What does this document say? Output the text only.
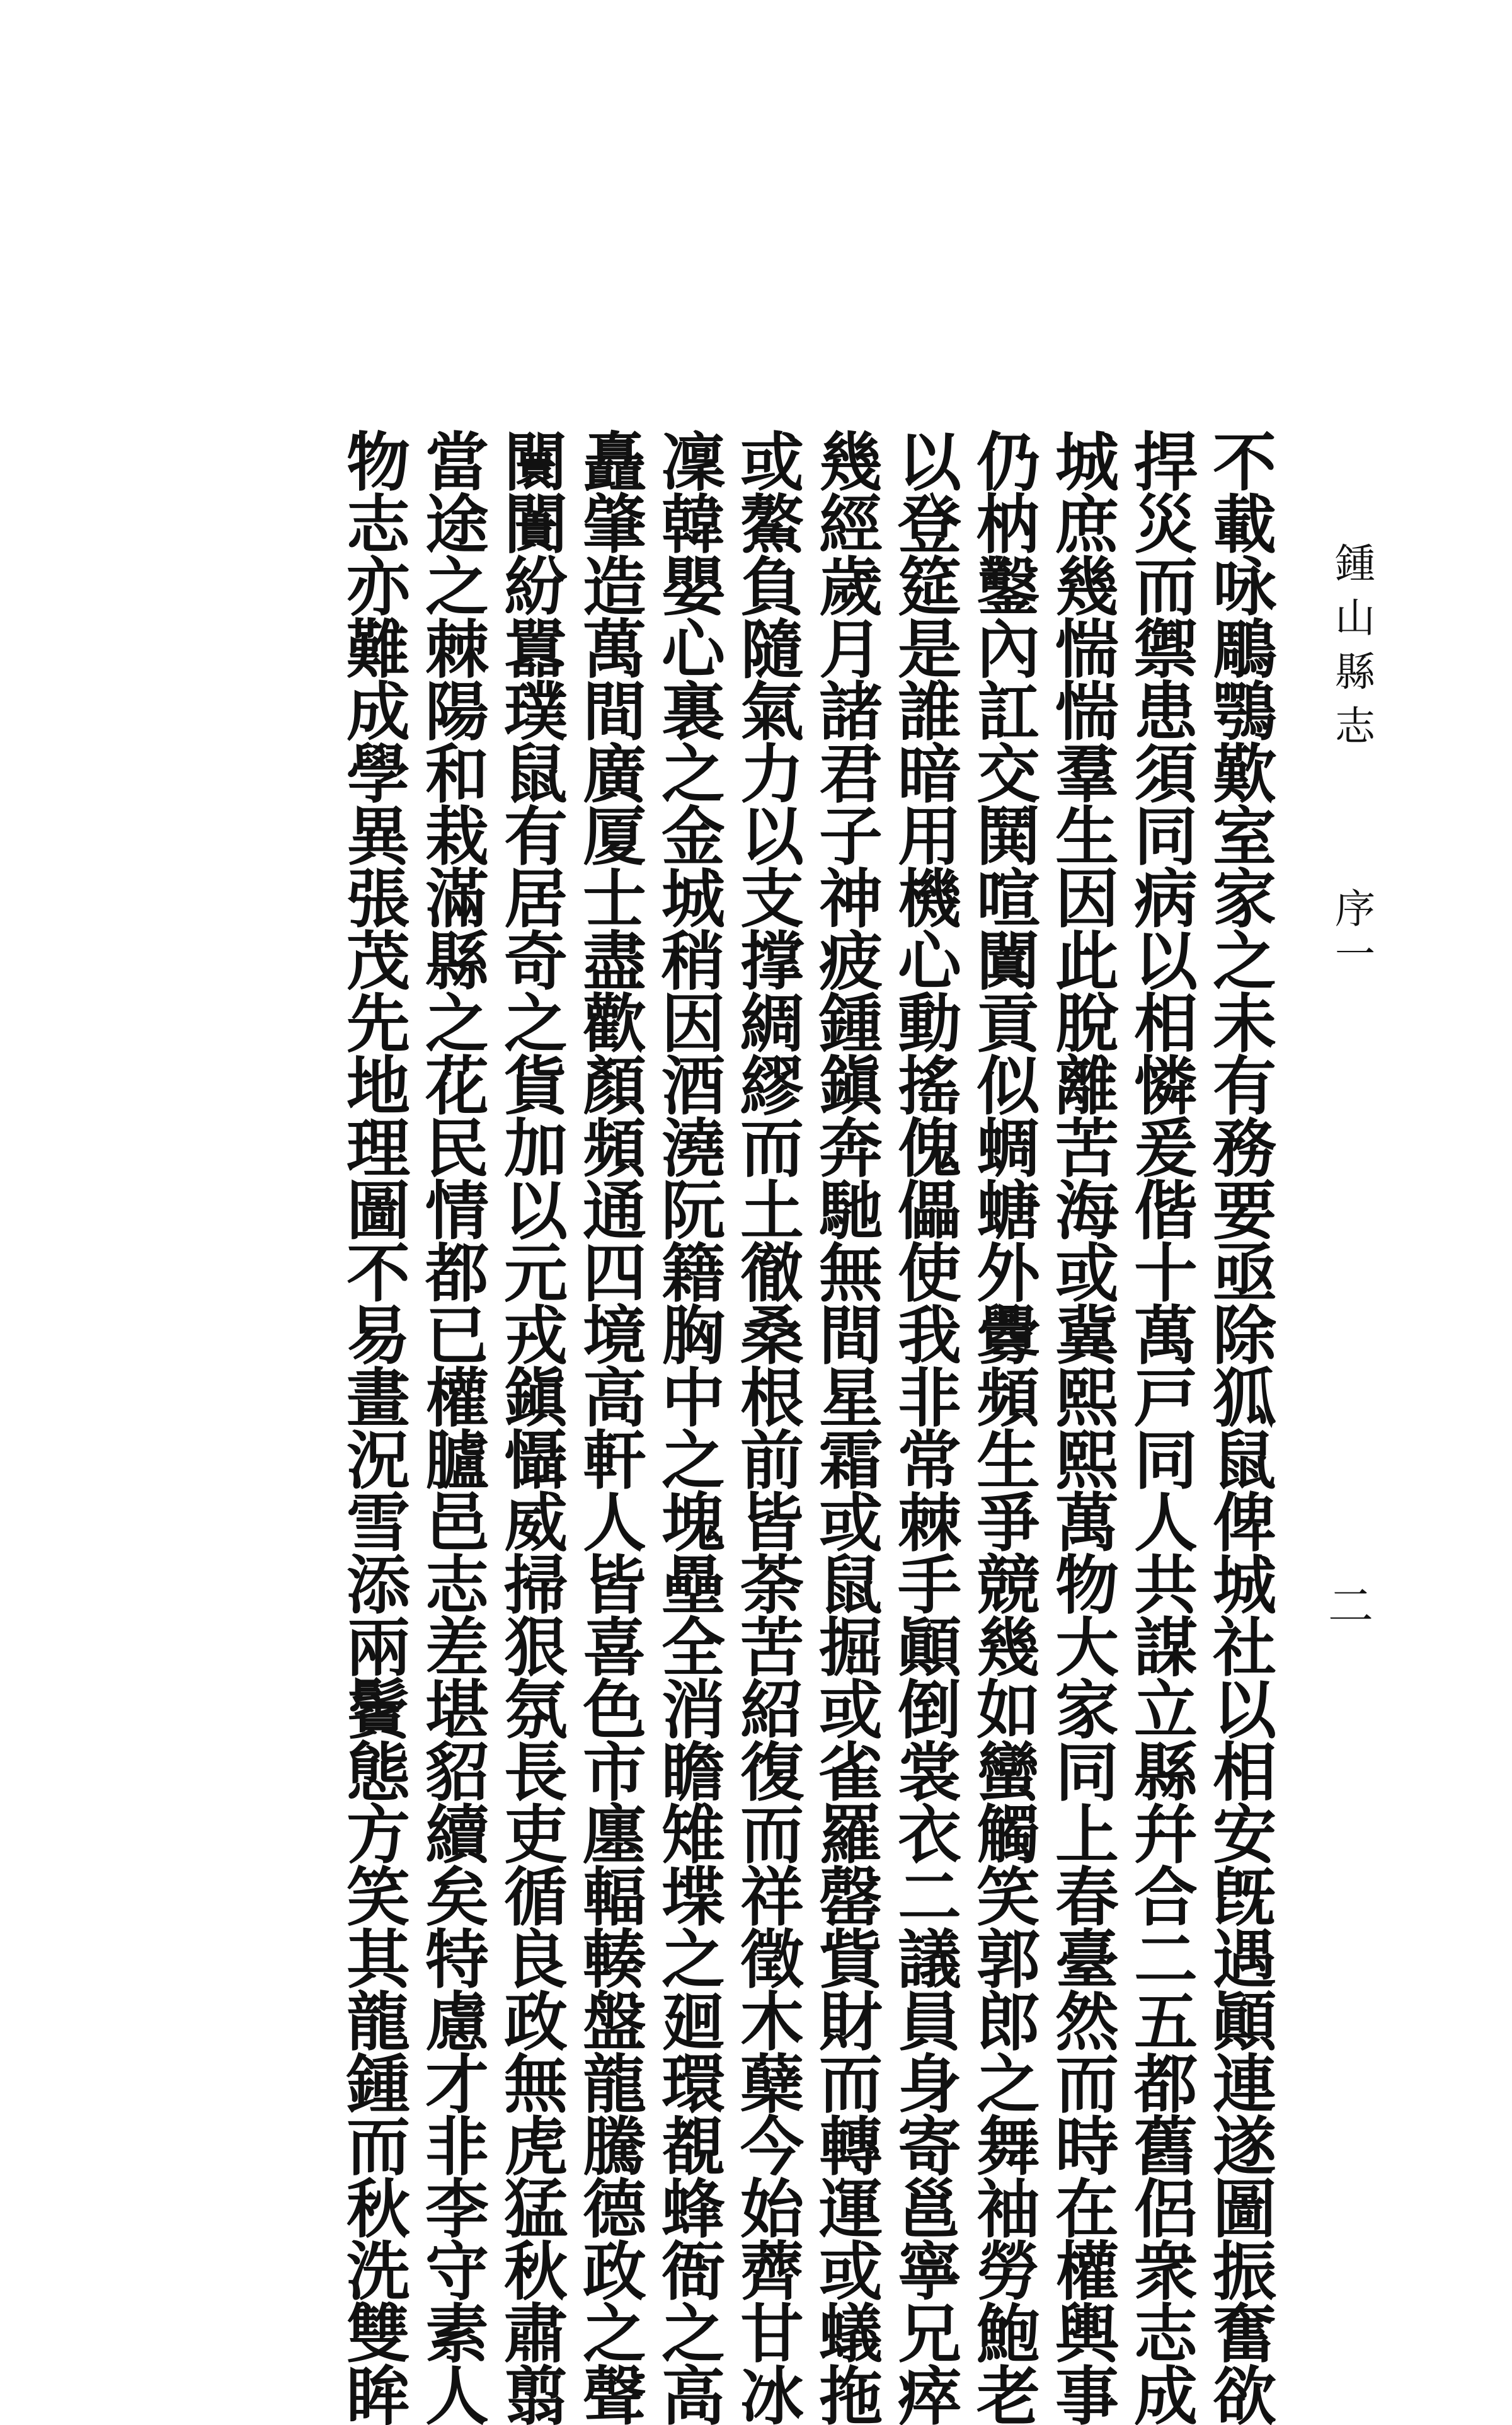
鍾山縣志 序一
二
不載咏鵰鶚歎室家之未有務要亟除狐鼠俾城社以相安旣遇顚連遂圖振奮欲
捍災而禦患須同病以相憐爰偕十萬戸同人共謀立縣幷合二五都舊侶衆志成
城庶幾惴惴羣生因此脫離苦海或冀熙熙萬物大家同上春臺然而時在權輿事
仍枘鑿內訌交鬨喧闐貢似蜩螗外釁頻生爭競幾如蠻觸笑郭郎之舞袖勞鮑老
以登筵是誰暗用機心動搖傀儡使我非常棘手顚倒裳衣二議員身寄邕寧兄瘁
幾經歲月諸君子神疲鍾鎭奔馳無間星霜或鼠掘或雀羅罄貲財而轉運或蟻拖
或鰲負隨氣力以支撑綢繆而土徹桑根前皆荼苦紹復而祥徵木蘖今始薺甘冰
凜韓嬰心裏之金城稍因酒澆阮籍胸中之塊壘全消瞻雉堞之廻環覩蜂衙之高
矗肇造萬間廣厦士盡歡顏頻通四境高軒人皆喜色市廛輻輳盤龍騰德政之聲
闤闠紛囂璞鼠有居奇之貨加以元戎鎭懾威掃狠氛長吏循良政無虎猛秋肅翦
當途之棘陽和栽滿縣之花民情都已權臚邑志差堪貂續矣特慮才非李守素人
物志亦難成學異張茂先地理圖不易畫況雪添兩鬢態方笑其龍鍾而秋洗雙眸
